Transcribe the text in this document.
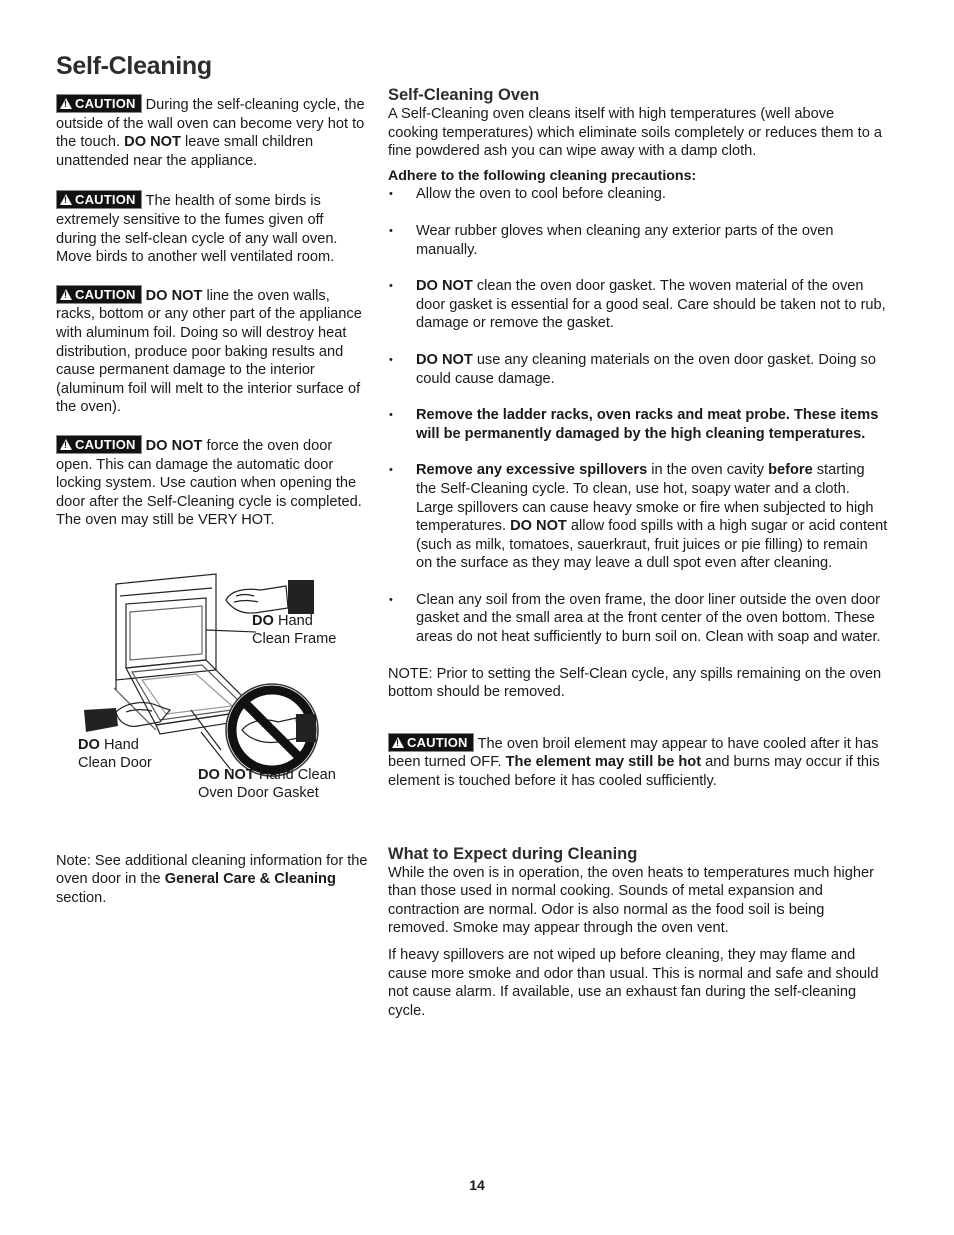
Self-Cleaning

!CAUTION During the self-cleaning cycle, the outside of the wall oven can become very hot to the touch. DO NOT leave small children unattended near the appliance.

!CAUTION The health of some birds is extremely sensitive to the fumes given off during the self-clean cycle of any wall oven. Move birds to another well ventilated room.

!CAUTION DO NOT line the oven walls, racks, bottom or any other part of the appliance with aluminum foil. Doing so will destroy heat distribution, produce poor baking results and cause permanent damage to the interior (aluminum foil will melt to the interior surface of the oven).

!CAUTION DO NOT force the oven door open. This can damage the automatic door locking system. Use caution when opening the door after the Self-Cleaning cycle is completed. The oven may still be VERY HOT.

DO Hand
Clean Frame
DO Hand
Clean Door
DO NOT Hand Clean
Oven Door Gasket

Note: See additional cleaning information for the oven door in the General Care & Cleaning section.

Self-Cleaning Oven

A Self-Cleaning oven cleans itself with high temperatures (well above cooking temperatures) which eliminate soils completely or reduces them to a fine powdered ash you can wipe away with a damp cloth.

Adhere to the following cleaning precautions:

• Allow the oven to cool before cleaning.
• Wear rubber gloves when cleaning any exterior parts of the oven manually.
• DO NOT clean the oven door gasket. The woven material of the oven door gasket is essential for a good seal. Care should be taken not to rub, damage or remove the gasket.
• DO NOT use any cleaning materials on the oven door gasket. Doing so could cause damage.
• Remove the ladder racks, oven racks and meat probe. These items will be permanently damaged by the high cleaning temperatures.
• Remove any excessive spillovers in the oven cavity before starting the Self-Cleaning cycle. To clean, use hot, soapy water and a cloth. Large spillovers can cause heavy smoke or fire when subjected to high temperatures. DO NOT allow food spills with a high sugar or acid content (such as milk, tomatoes, sauerkraut, fruit juices or pie filling) to remain on the surface as they may leave a dull spot even after cleaning.
• Clean any soil from the oven frame, the door liner outside the oven door gasket and the small area at the front center of the oven bottom. These areas do not heat sufficiently to burn soil on. Clean with soap and water.

NOTE: Prior to setting the Self-Clean cycle, any spills remaining on the oven bottom should be removed.

!CAUTION The oven broil element may appear to have cooled after it has been turned OFF. The element may still be hot and burns may occur if this element is touched before it has cooled sufficiently.

What to Expect during Cleaning

While the oven is in operation, the oven heats to temperatures much higher than those used in normal cooking. Sounds of metal expansion and contraction are normal. Odor is also normal as the food soil is being removed. Smoke may appear through the oven vent.

If heavy spillovers are not wiped up before cleaning, they may flame and cause more smoke and odor than usual. This is normal and safe and should not cause alarm. If available, use an exhaust fan during the self-cleaning cycle.

14
